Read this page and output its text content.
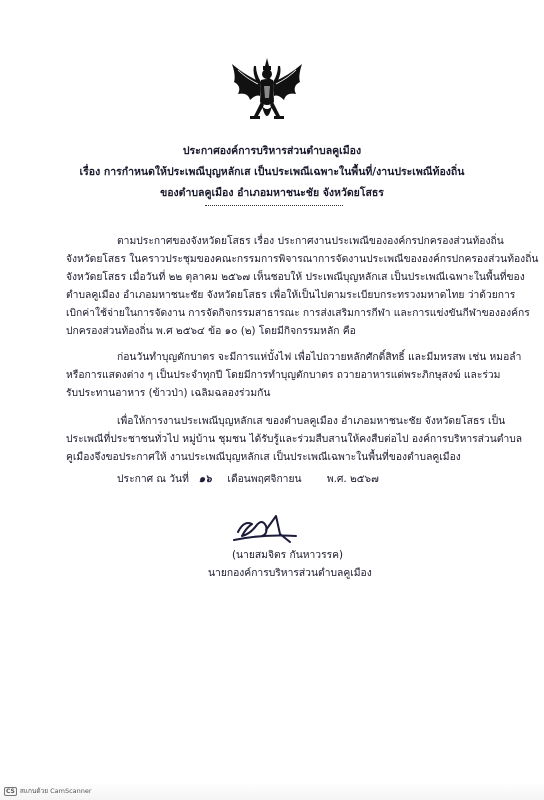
ประกาศองค์การบริหารส่วนตำบลคูเมือง
เรื่อง การกำหนดให้ประเพณีบุญหลักเส เป็นประเพณีเฉพาะในพื้นที่/งานประเพณีท้องถิ่น
ของตำบลคูเมือง อำเภอมหาชนะชัย จังหวัดยโสธร
ตามประกาศของจังหวัดยโสธร เรื่อง ประกาศงานประเพณีขององค์กรปกครองส่วนท้องถิ่น
จังหวัดยโสธร ในคราวประชุมของคณะกรรมการพิจารณาการจัดงานประเพณีขององค์กรปกครองส่วนท้องถิ่น
จังหวัดยโสธร เมื่อวันที่ ๒๒ ตุลาคม ๒๕๖๗ เห็นชอบให้ ประเพณีบุญหลักเส เป็นประเพณีเฉพาะในพื้นที่ของ
ตำบลคูเมือง อำเภอมหาชนะชัย จังหวัดยโสธร เพื่อให้เป็นไปตามระเบียบกระทรวงมหาดไทย ว่าด้วยการ
เบิกค่าใช้จ่ายในการจัดงาน การจัดกิจกรรมสาธารณะ การส่งเสริมการกีฬา และการแข่งขันกีฬาขององค์กร
ปกครองส่วนท้องถิ่น พ.ศ ๒๕๖๔ ข้อ ๑๐ (๒) โดยมีกิจกรรมหลัก คือ
ก่อนวันทำบุญตักบาตร จะมีการแห่บั้งไฟ เพื่อไปถวายหลักศักดิ์สิทธิ์ และมีมหรสพ เช่น หมอลำ
หรือการแสดงต่าง ๆ เป็นประจำทุกปี โดยมีการทำบุญตักบาตร ถวายอาหารแด่พระภิกษุสงฆ์ และร่วม
รับประทานอาหาร (ข้าวป่า) เฉลิมฉลองร่วมกัน
เพื่อให้การงานประเพณีบุญหลักเส ของตำบลคูเมือง อำเภอมหาชนะชัย จังหวัดยโสธร เป็น
ประเพณีที่ประชาชนทั่วไป หมู่บ้าน ชุมชน ได้รับรู้และร่วมสืบสานให้คงสืบต่อไป องค์การบริหารส่วนตำบล
คูเมืองจึงขอประกาศให้ งานประเพณีบุญหลักเส เป็นประเพณีเฉพาะในพื้นที่ของตำบลคูเมือง
ประกาศ ณ วันที่ ๑๖ เดือนพฤศจิกายน พ.ศ. ๒๕๖๗
(นายสมจิตร กันหาวรรค)
นายกองค์การบริหารส่วนตำบลคูเมือง
CS สแกนด้วย CamScanner
